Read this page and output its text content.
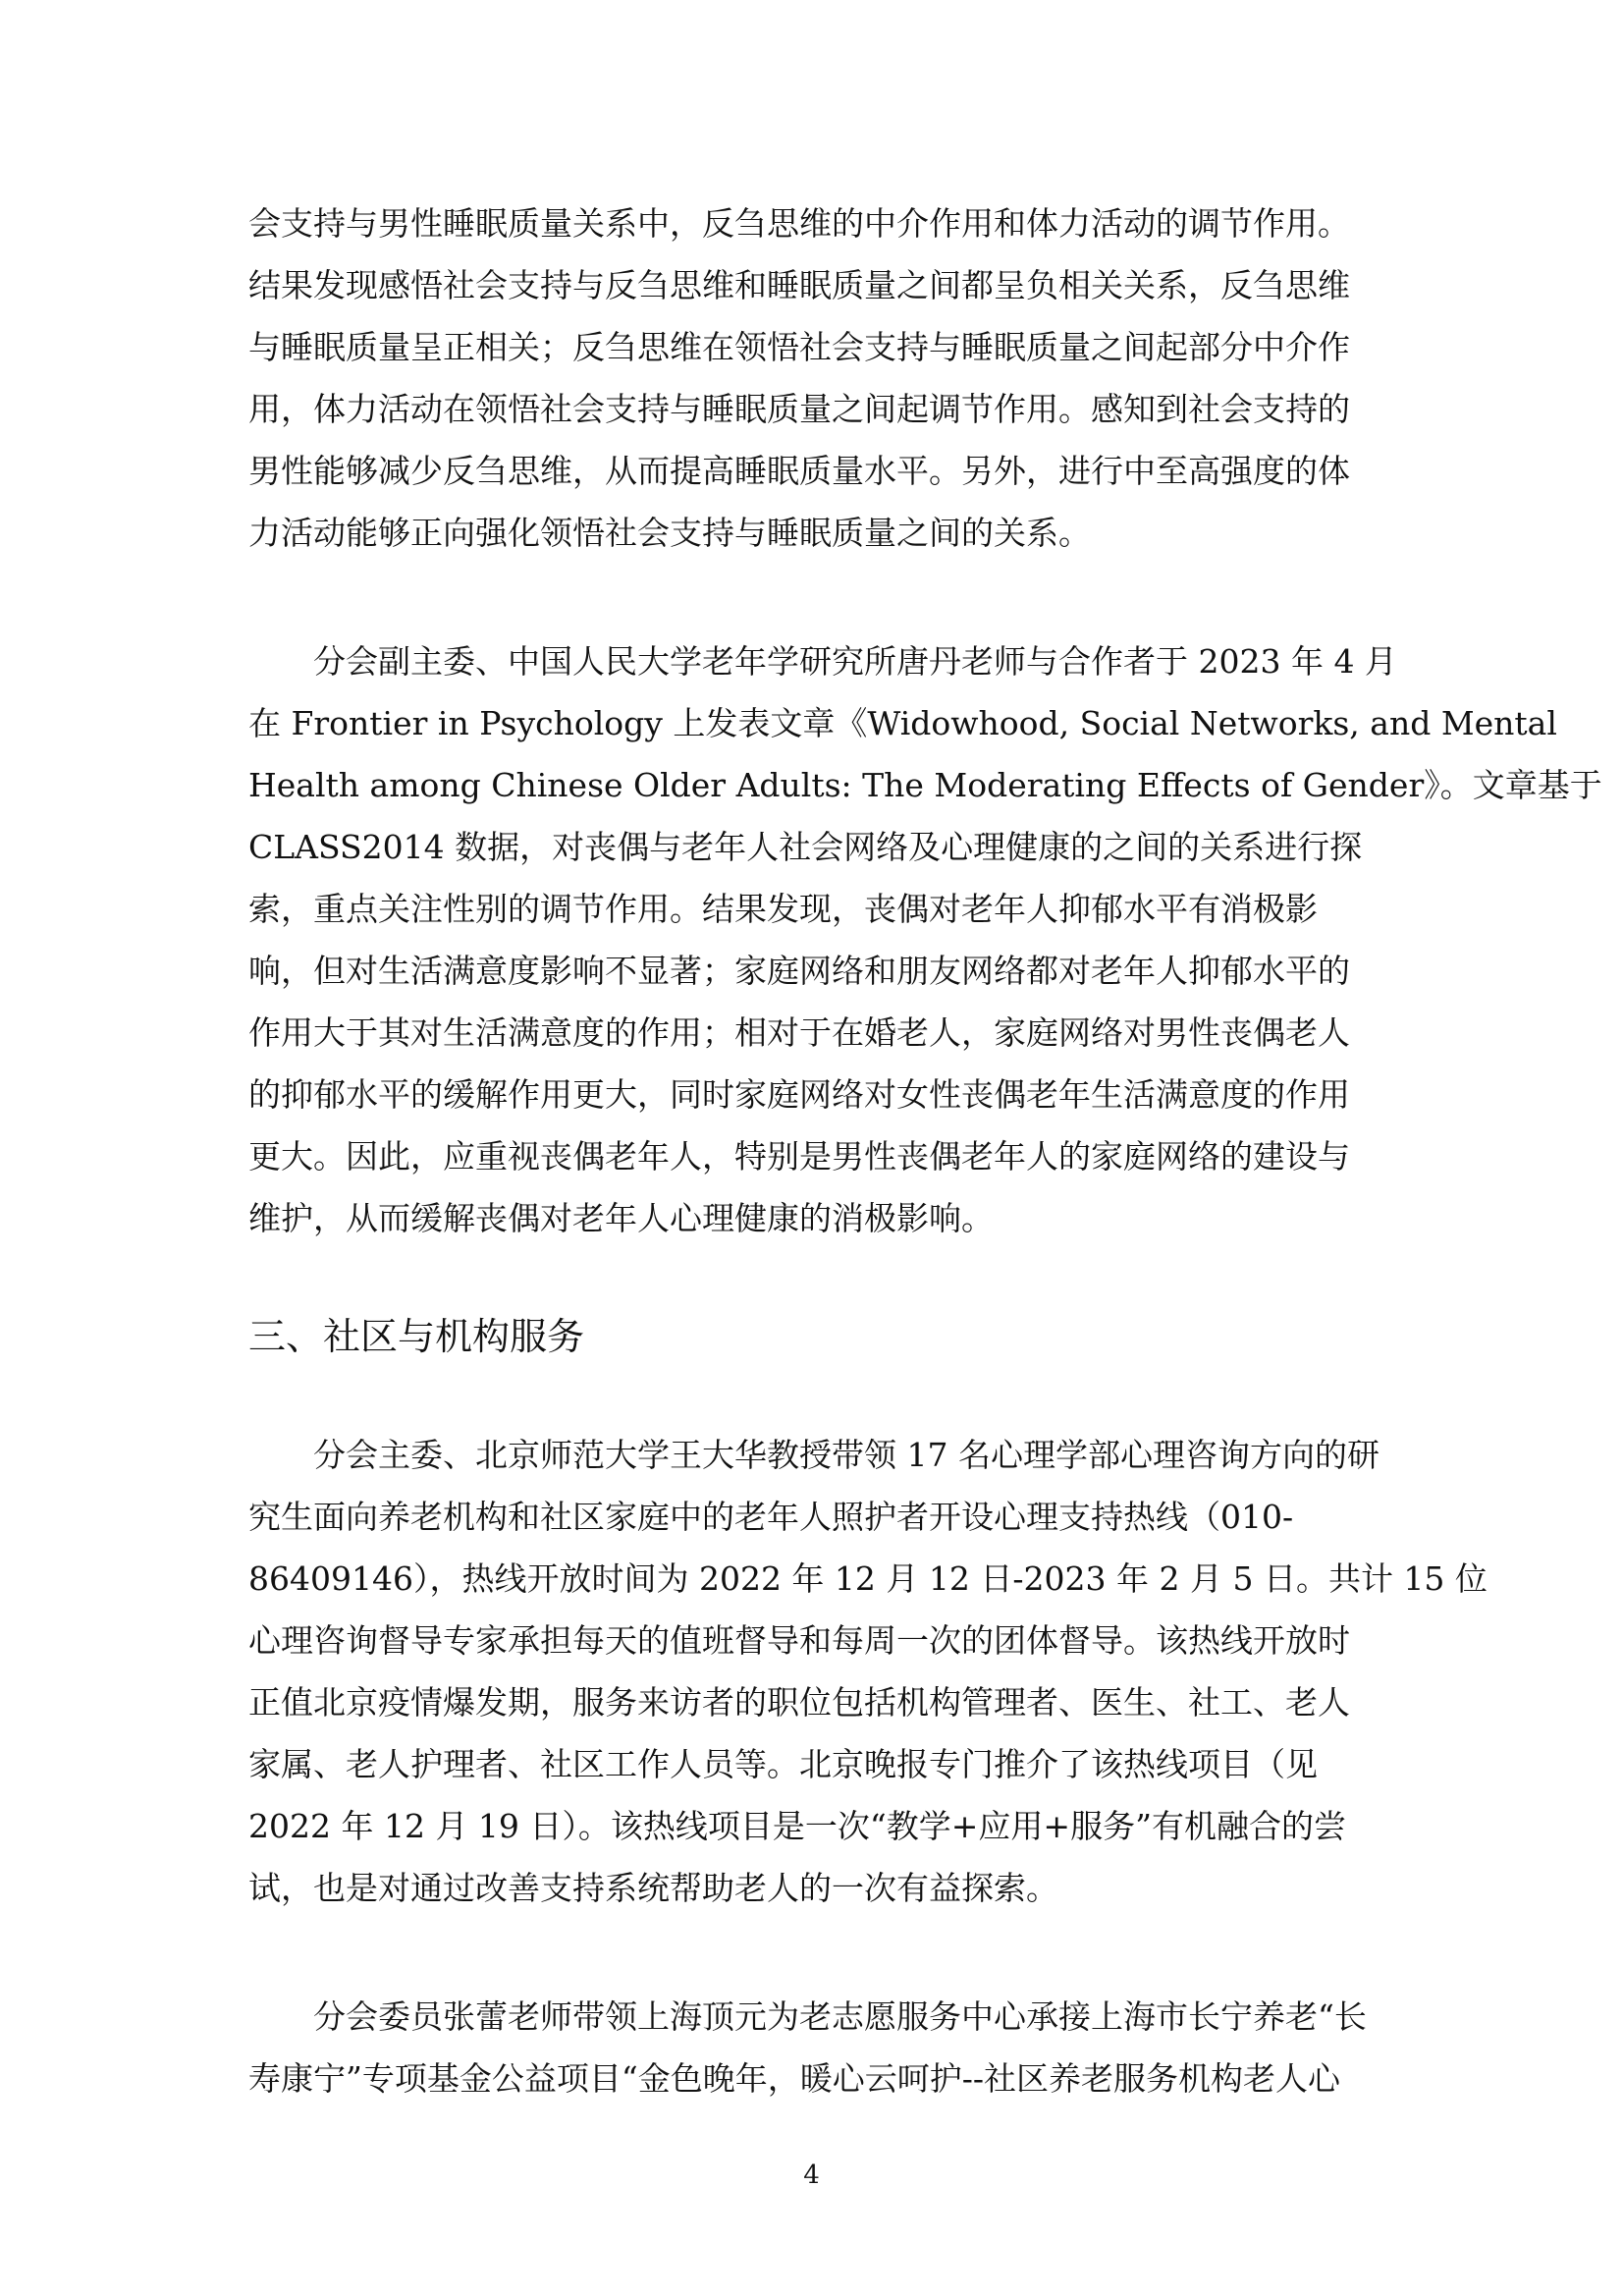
会支持与男性睡眠质量关系中，反刍思维的中介作用和体力活动的调节作用。
结果发现感悟社会支持与反刍思维和睡眠质量之间都呈负相关关系，反刍思维
与睡眠质量呈正相关；反刍思维在领悟社会支持与睡眠质量之间起部分中介作
用，体力活动在领悟社会支持与睡眠质量之间起调节作用。感知到社会支持的
男性能够减少反刍思维，从而提高睡眠质量水平。另外，进行中至高强度的体
力活动能够正向强化领悟社会支持与睡眠质量之间的关系。
分会副主委、中国人民大学老年学研究所唐丹老师与合作者于 2023 年 4 月
在 Frontier in Psychology 上发表文章《Widowhood, Social Networks, and Mental
Health among Chinese Older Adults: The Moderating Effects of Gender》。文章基于
CLASS2014 数据，对丧偶与老年人社会网络及心理健康的之间的关系进行探
索，重点关注性别的调节作用。结果发现，丧偶对老年人抑郁水平有消极影
响，但对生活满意度影响不显著；家庭网络和朋友网络都对老年人抑郁水平的
作用大于其对生活满意度的作用；相对于在婚老人，家庭网络对男性丧偶老人
的抑郁水平的缓解作用更大，同时家庭网络对女性丧偶老年生活满意度的作用
更大。因此，应重视丧偶老年人，特别是男性丧偶老年人的家庭网络的建设与
维护，从而缓解丧偶对老年人心理健康的消极影响。
三、社区与机构服务
分会主委、北京师范大学王大华教授带领 17 名心理学部心理咨询方向的研
究生面向养老机构和社区家庭中的老年人照护者开设心理支持热线（010-
86409146），热线开放时间为 2022 年 12 月 12 日-2023 年 2 月 5 日。共计 15 位
心理咨询督导专家承担每天的值班督导和每周一次的团体督导。该热线开放时
正值北京疫情爆发期，服务来访者的职位包括机构管理者、医生、社工、老人
家属、老人护理者、社区工作人员等。北京晚报专门推介了该热线项目（见
2022 年 12 月 19 日）。该热线项目是一次“教学+应用+服务”有机融合的尝
试，也是对通过改善支持系统帮助老人的一次有益探索。
分会委员张蕾老师带领上海顶元为老志愿服务中心承接上海市长宁养老“长
寿康宁”专项基金公益项目“金色晚年，暖心云呵护--社区养老服务机构老人心
4
